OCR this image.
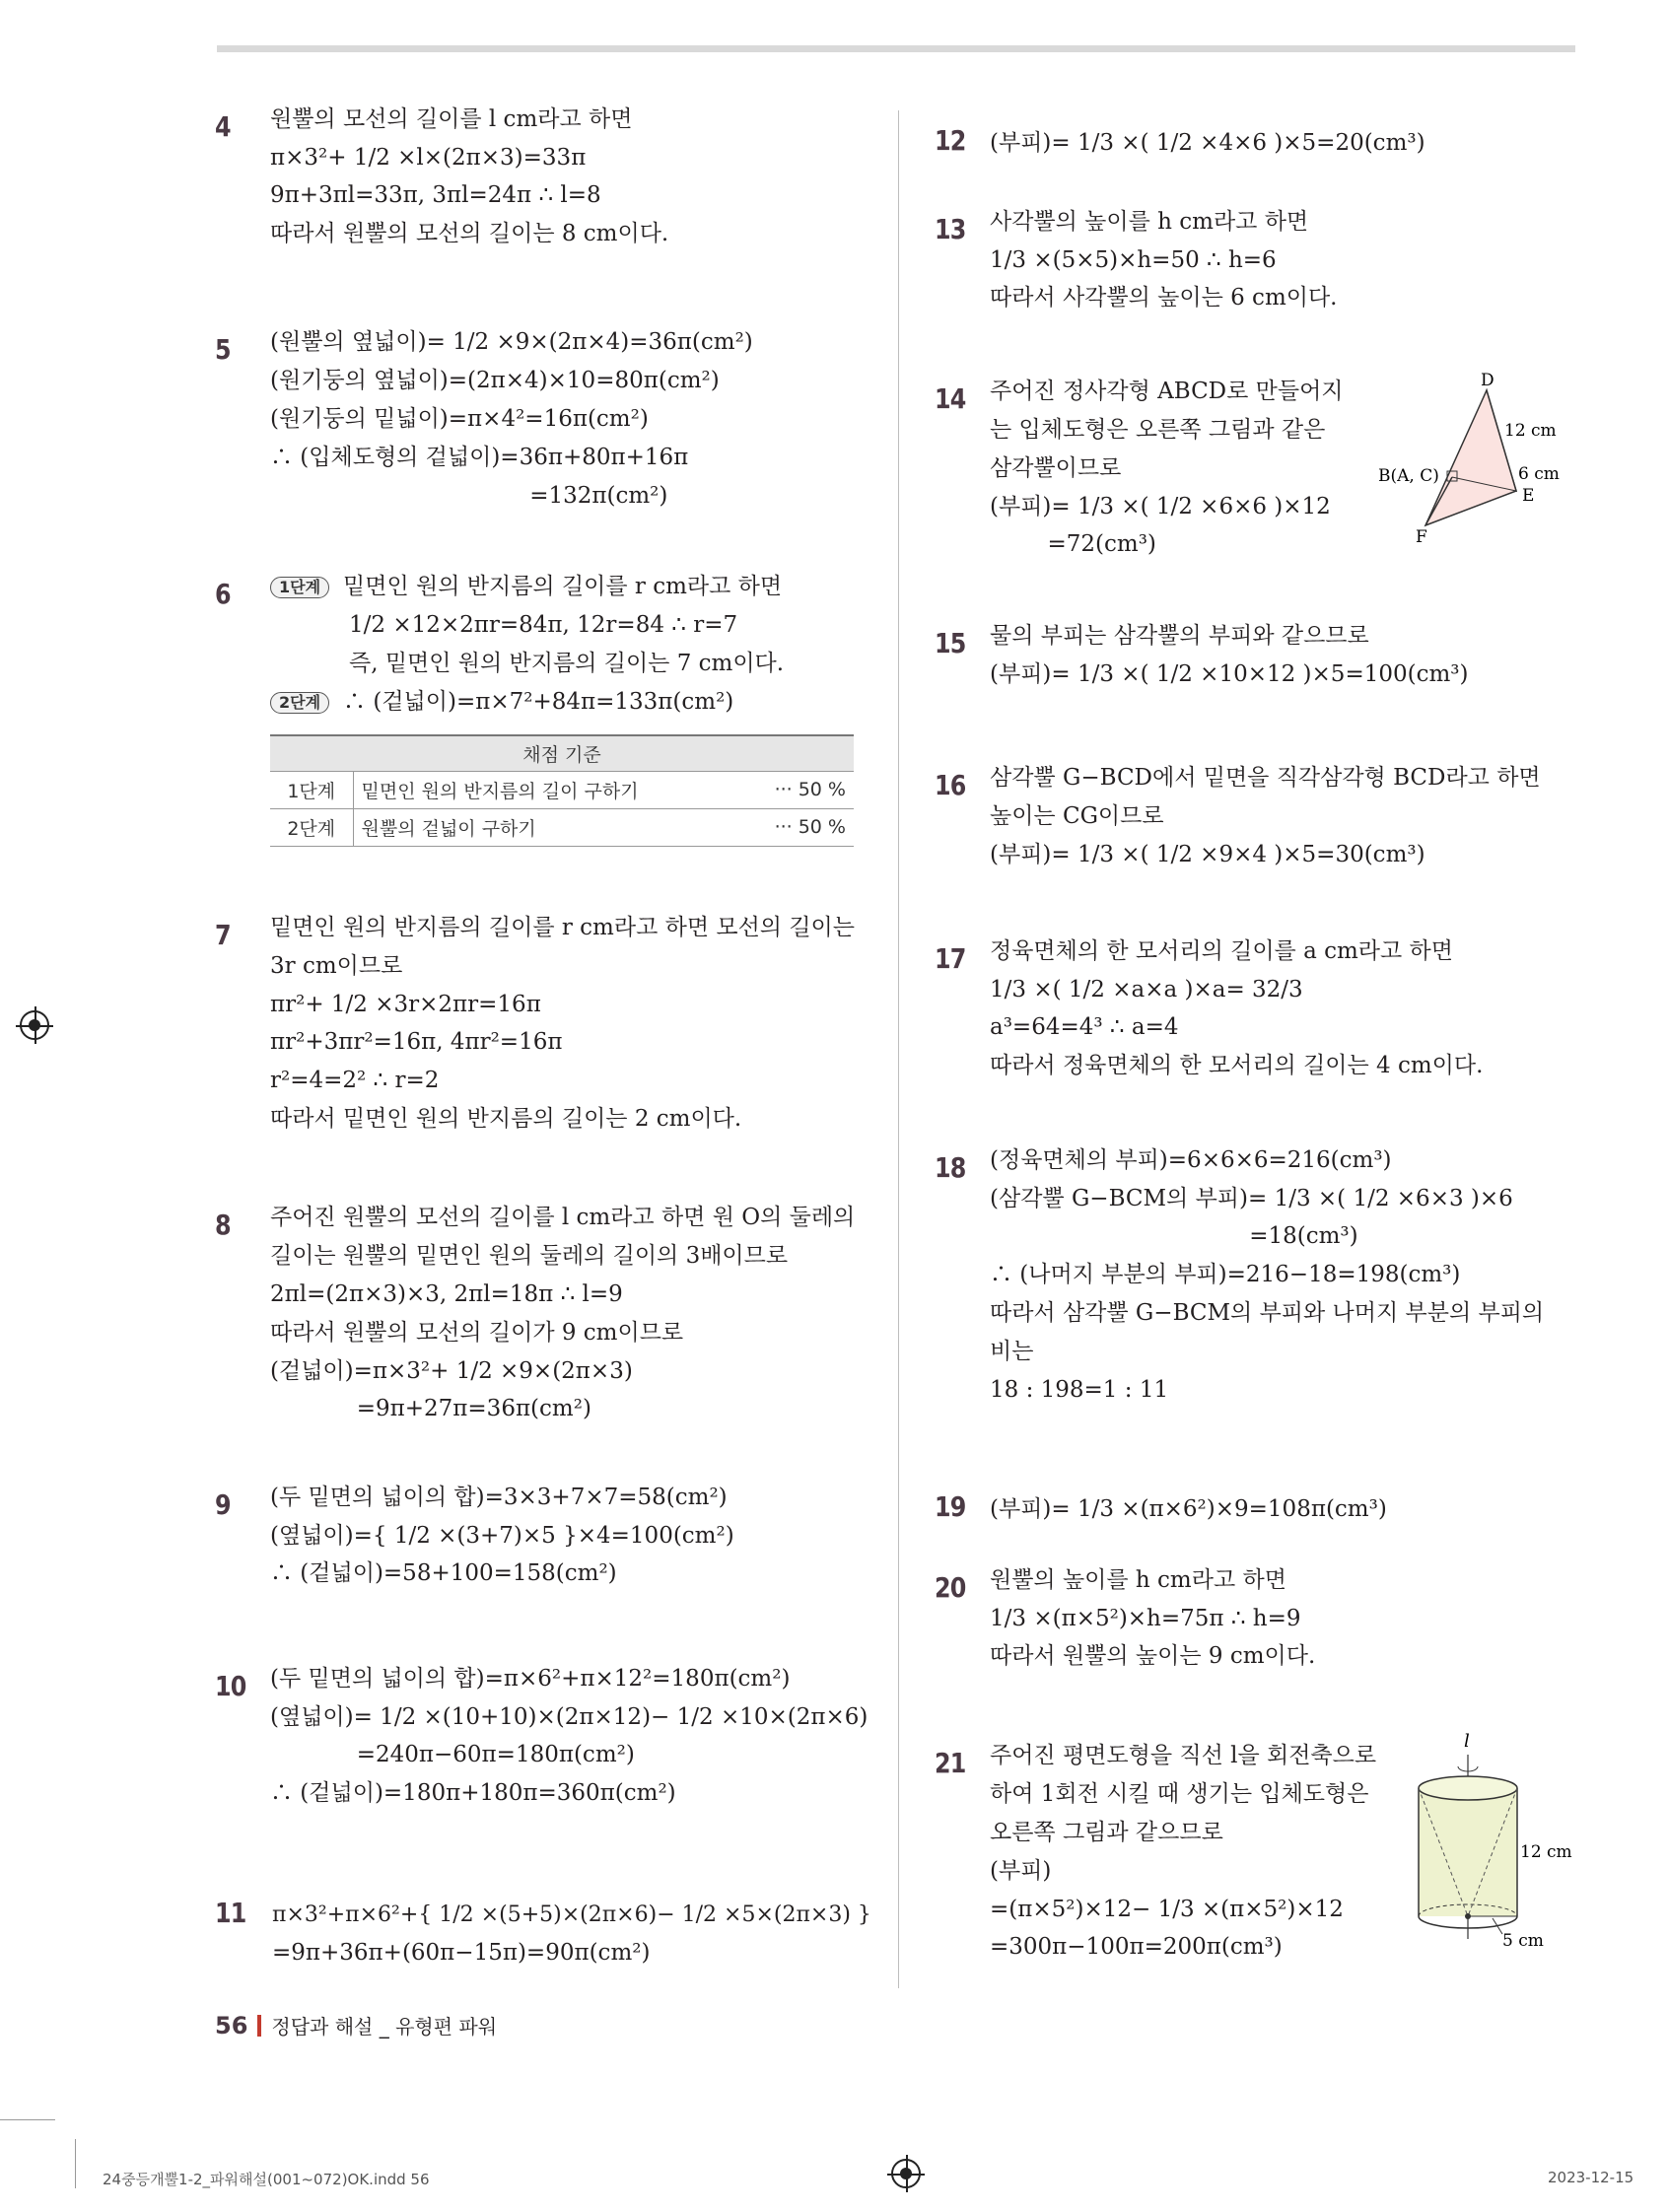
4 원뿔의 모선의 길이를 l cm라고 하면
π×3²+ 1/2 ×l×(2π×3)=33π
9π+3πl=33π, 3πl=24π ∴ l=8
따라서 원뿔의 모선의 길이는 8 cm이다.
5 (원뿔의 옆넓이)= 1/2 ×9×(2π×4)=36π(cm²)
(원기둥의 옆넓이)=(2π×4)×10=80π(cm²)
(원기둥의 밑넓이)=π×4²=16π(cm²)
∴ (입체도형의 겉넓이)=36π+80π+16π
=132π(cm²)
6	1단계 밑면인 원의 반지름의 길이를 r cm라고 하면
1/2 ×12×2πr=84π, 12r=84 ∴ r=7
즉, 밑면인 원의 반지름의 길이는 7 cm이다.
2단계 ∴ (겉넓이)=π×7²+84π=133π(cm²)
채점 기준		
1단계	밑면인 원의 반지름의 길이 구하기	··· 50 %
2단계	원뿔의 겉넓이 구하기	··· 50 %
7 밑면인 원의 반지름의 길이를 r cm라고 하면 모선의 길이는
3r cm이므로
πr²+ 1/2 ×3r×2πr=16π
πr²+3πr²=16π, 4πr²=16π
r²=4=2² ∴ r=2
따라서 밑면인 원의 반지름의 길이는 2 cm이다.
8 주어진 원뿔의 모선의 길이를 l cm라고 하면 원 O의 둘레의
길이는 원뿔의 밑면인 원의 둘레의 길이의 3배이므로
2πl=(2π×3)×3, 2πl=18π ∴ l=9
따라서 원뿔의 모선의 길이가 9 cm이므로
(겉넓이)=π×3²+ 1/2 ×9×(2π×3)
=9π+27π=36π(cm²)
9 (두 밑면의 넓이의 합)=3×3+7×7=58(cm²)
(옆넓이)={ 1/2 ×(3+7)×5 }×4=100(cm²)
∴ (겉넓이)=58+100=158(cm²)
10 (두 밑면의 넓이의 합)=π×6²+π×12²=180π(cm²)
(옆넓이)= 1/2 ×(10+10)×(2π×12)− 1/2 ×10×(2π×6)
=240π−60π=180π(cm²)
∴ (겉넓이)=180π+180π=360π(cm²)
11 π×3²+π×6²+{ 1/2 ×(5+5)×(2π×6)− 1/2 ×5×(2π×3) }
=9π+36π+(60π−15π)=90π(cm²)
12 (부피)= 1/3 ×( 1/2 ×4×6 )×5=20(cm³)
13 사각뿔의 높이를 h cm라고 하면
1/3 ×(5×5)×h=50 ∴ h=6
따라서 사각뿔의 높이는 6 cm이다.
14 주어진 정사각형 ABCD로 만들어지
는 입체도형은 오른쪽 그림과 같은
삼각뿔이므로
(부피)= 1/3 ×( 1/2 ×6×6 )×12
=72(cm³)
D
12 cm
B(A, C)	6 cm
E
F
15 물의 부피는 삼각뿔의 부피와 같으므로
(부피)= 1/3 ×( 1/2 ×10×12 )×5=100(cm³)
16 삼각뿔 G−BCD에서 밑면을 직각삼각형 BCD라고 하면
높이는 CG이므로
(부피)= 1/3 ×( 1/2 ×9×4 )×5=30(cm³)
17 정육면체의 한 모서리의 길이를 a cm라고 하면
1/3 ×( 1/2 ×a×a )×a= 32/3
a³=64=4³ ∴ a=4
따라서 정육면체의 한 모서리의 길이는 4 cm이다.
18 (정육면체의 부피)=6×6×6=216(cm³)
(삼각뿔 G−BCM의 부피)= 1/3 ×( 1/2 ×6×3 )×6
=18(cm³)
∴ (나머지 부분의 부피)=216−18=198(cm³)
따라서 삼각뿔 G−BCM의 부피와 나머지 부분의 부피의
비는
18 : 198=1 : 11
19 (부피)= 1/3 ×(π×6²)×9=108π(cm³)
20 원뿔의 높이를 h cm라고 하면
1/3 ×(π×5²)×h=75π ∴ h=9
따라서 원뿔의 높이는 9 cm이다.
21 주어진 평면도형을 직선 l을 회전축으로
하여 1회전 시킬 때 생기는 입체도형은
오른쪽 그림과 같으므로
(부피)
=(π×5²)×12− 1/3 ×(π×5²)×12
=300π−100π=200π(cm³)
l
12 cm
5 cm
56 정답과 해설 _ 유형편 파워
24중등개뿔1-2_파워해설(001~072)OK.indd 56	2023-12-15
